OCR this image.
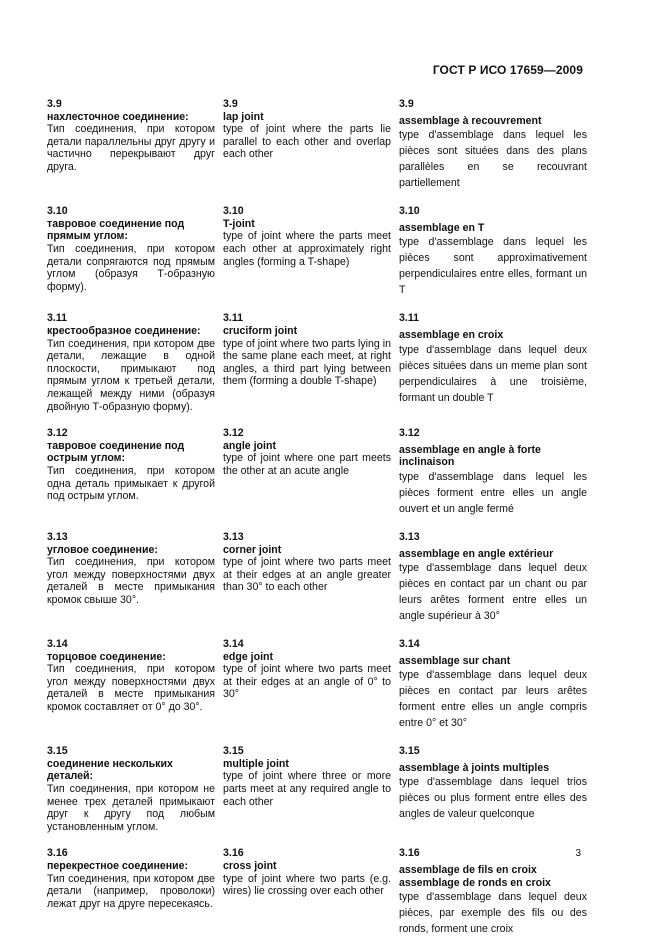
ГОСТ Р ИСО 17659—2009
3.9
нахлесточное соединение:
Тип соединения, при котором детали параллельны друг другу и частично перекрывают друг друга.
3.9
lap joint
type of joint where the parts lie parallel to each other and overlap each other
3.9
assemblage à recouvrement
type d'assemblage dans lequel les pièces sont situées dans des plans parallèles en se recouvrant partiellement
3.10
тавровое соединение под прямым углом:
Тип соединения, при котором детали сопрягаются под прямым углом (образуя Т-образную форму).
3.10
T-joint
type of joint where the parts meet each other at approximately right angles (forming a T-shape)
3.10
assemblage en T
type d'assemblage dans lequel les pièces sont approximativement perpendiculaires entre elles, formant un T
3.11
крестообразное соединение:
Тип соединения, при котором две детали, лежащие в одной плоскости, примыкают под прямым углом к третьей детали, лежащей между ними (образуя двойную Т-образную форму).
3.11
cruciform joint
type of joint where two parts lying in the same plane each meet, at right angles, a third part lying between them (forming a double T-shape)
3.11
assemblage en croix
type d'assemblage dans lequel deux pièces situées dans un meme plan sont perpendiculaires à une troisième, formant un double T
3.12
тавровое соединение под острым углом:
Тип соединения, при котором одна деталь примыкает к другой под острым углом.
3.12
angle joint
type of joint where one part meets the other at an acute angle
3.12
assemblage en angle à forte inclinaison
type d'assemblage dans lequel les pièces forment entre elles un angle ouvert et un angle fermé
3.13
угловое соединение:
Тип соединения, при котором угол между поверхностями двух деталей в месте примыкания кромок свыше 30°.
3.13
corner joint
type of joint where two parts meet at their edges at an angle greater than 30° to each other
3.13
assemblage en angle extérieur
type d'assemblage dans lequel deux pièces en contact par un chant ou par leurs arêtes forment entre elles un angle supérieur à 30°
3.14
торцовое соединение:
Тип соединения, при котором угол между поверхностями двух деталей в месте примыкания кромок составляет от 0° до 30°.
3.14
edge joint
type of joint where two parts meet at their edges at an angle of 0° to 30°
3.14
assemblage sur chant
type d'assemblage dans lequel deux pièces en contact par leurs arêtes forment entre elles un angle compris entre 0° et 30°
3.15
соединение нескольких деталей:
Тип соединения, при котором не менее трех деталей примыкают друг к другу под любым установленным углом.
3.15
multiple joint
type of joint where three or more parts meet at any required angle to each other
3.15
assemblage à joints multiples
type d'assemblage dans lequel trios pièces ou plus forment entre elles des angles de valeur quelconque
3.16
перекрестное соединение:
Тип соединения, при котором две детали (например, проволоки) лежат друг на друге пересекаясь.
3.16
cross joint
type of joint where two parts (e.g. wires) lie crossing over each other
3.16
assemblage de fils en croix assemblage de ronds en croix
type d'assemblage dans lequel deux pièces, par exemple des fils ou des ronds, forment une croix
3
